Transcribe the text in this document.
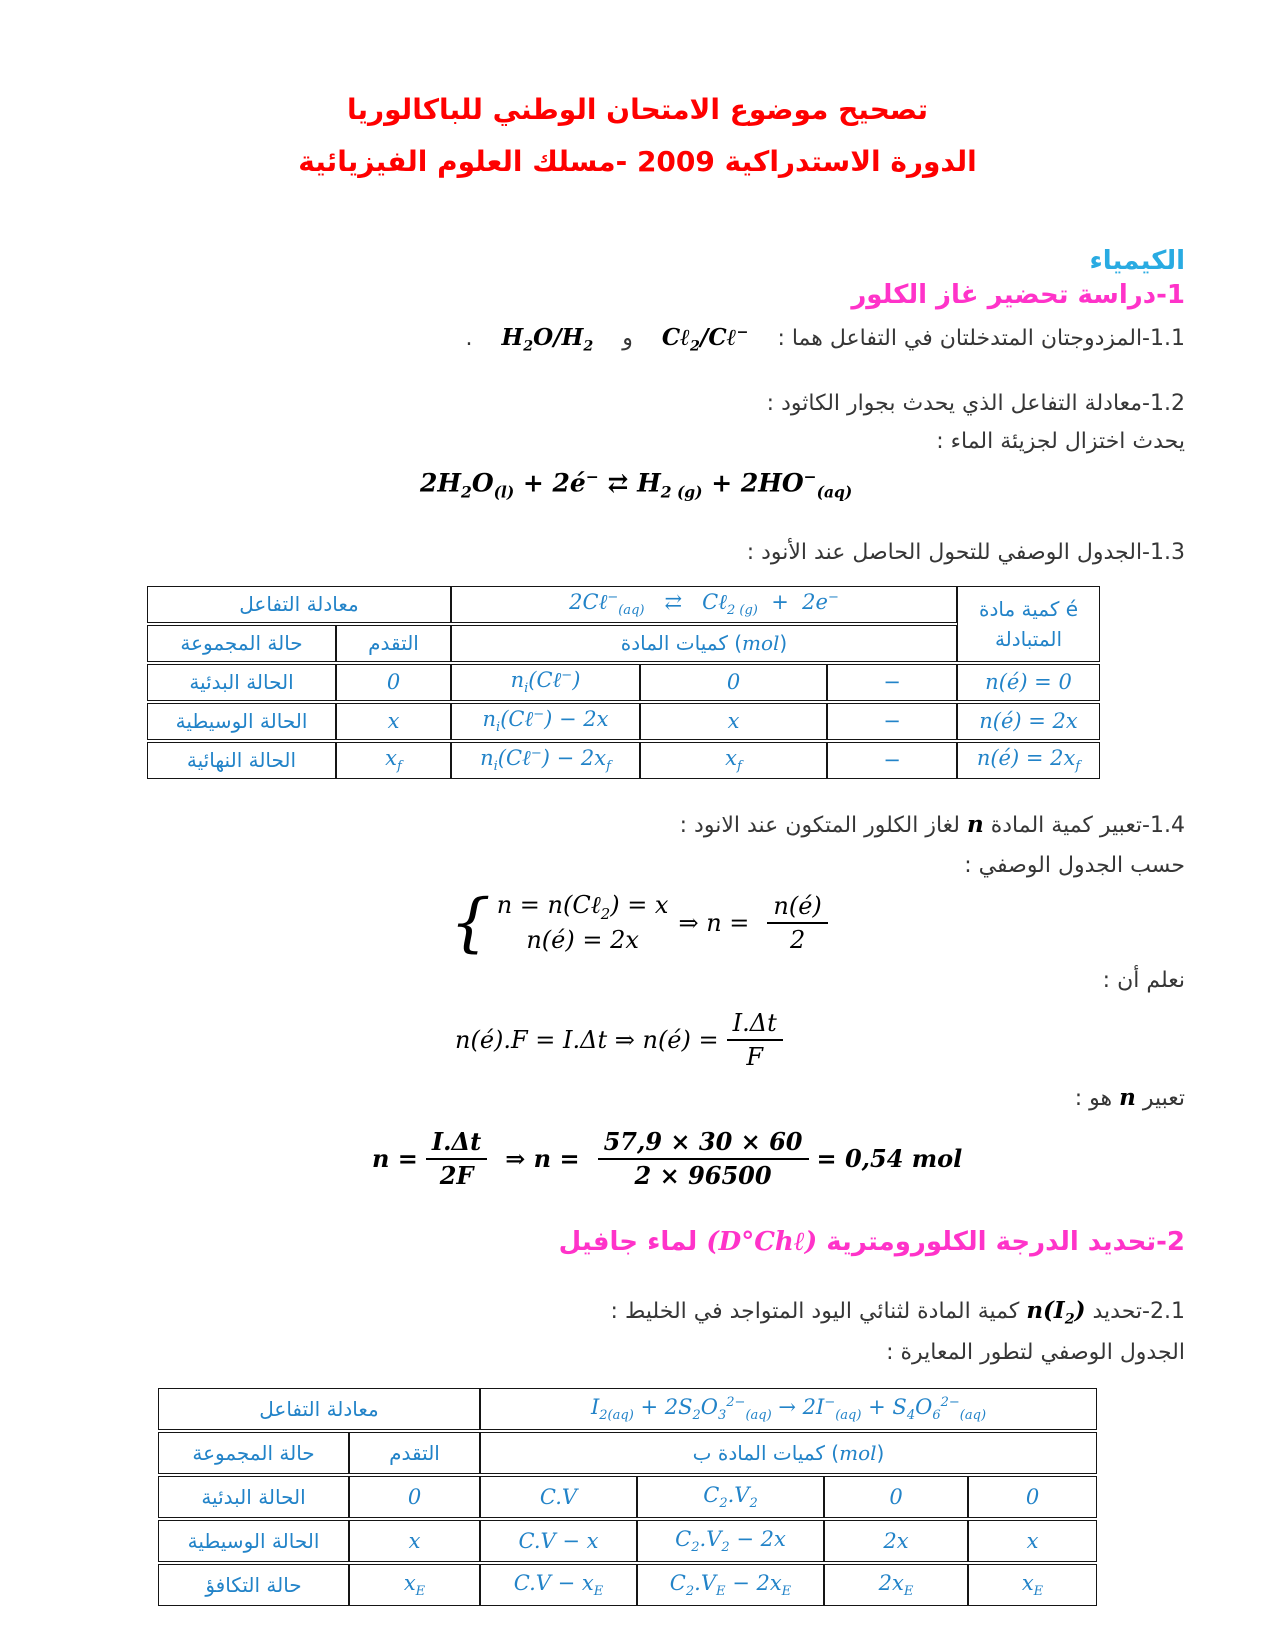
تصحيح موضوع الامتحان الوطني للباكالوريا
الدورة الاستدراكية 2009 -مسلك العلوم الفيزيائية
الكيمياء
1-دراسة تحضير غاز الكلور

1.1-المزدوجتان المتدخلتان في التفاعل هما : Cℓ$_2$/Cℓ− و $H_2O/H_2$ .

1.2-معادلة التفاعل الذي يحدث بجوار الكاثود :

يحدث اختزال لجزيئة الماء :

$2H_2O_{(l)}$ + 2é− ⇄ $H_{2 (g)} + 2HO^-_{(aq)}$

1.3-الجدول الوصفي للتحول الحاصل عند الأنود :

معادلة التفاعل		2Cℓ−$_{(aq)}$   ⇄   Cℓ$_{2 (g)}$  +  2e−			كمية مادة é
المتبادلة

حالة المجموعة	التقدم	كميات المادة (mol)			
الحالة البدئية	0	$n_i(C\ell^-)$	0	−	n(é) = 0
الحالة الوسيطية	x	$n_i(C\ell^-) - 2x$	x	−	n(é) = 2x
الحالة النهائية	$x_f$	$n_i(C\ell^-) - 2x_f$	$x_f$	−	n(é) = $2x_f$

1.4-تعبير كمية المادة n لغاز الكلور المتكون عند الانود :

حسب الجدول الوصفي :

{ n = n(Cℓ$_2$) = x
n(é) = 2x
⇒ $n = \frac{n(é)}{2}$

نعلم أن :

n(é).F = I.Δt ⇒ n(é) = $\frac{I.\Delta t}{F}$

تعبير n هو :

$n = \frac{I.\Delta t}{2F}$ ⇒ $n = \frac{57,9 \times 30 \times 60}{2 \times 96500} = 0,54$ mol
2-تحديد الدرجة الكلورومترية (D°Chℓ) لماء جافيل

2.1-تحديد $n(I_2)$ كمية المادة لثنائي اليود المتواجد في الخليط :

الجدول الوصفي لتطور المعايرة :

معادلة التفاعل		$I_{2(aq)} + 2S_2O_3^{2-}_{(aq)} \to 2I^-_{(aq)} + S_4O_6^{2-}_{(aq)}$
حالة المجموعة	التقدم	كميات المادة ب (mol)			
الحالة البدئية	0	C.V	$C_2.V_2$	0	0
الحالة الوسيطية	x	C.V − x	$C_2.V_2 - 2x$	2x	x
حالة التكافؤ	$x_E$	$C.V - x_E$	$C_2.V_E - 2x_E$	$2x_E$	$x_E$
